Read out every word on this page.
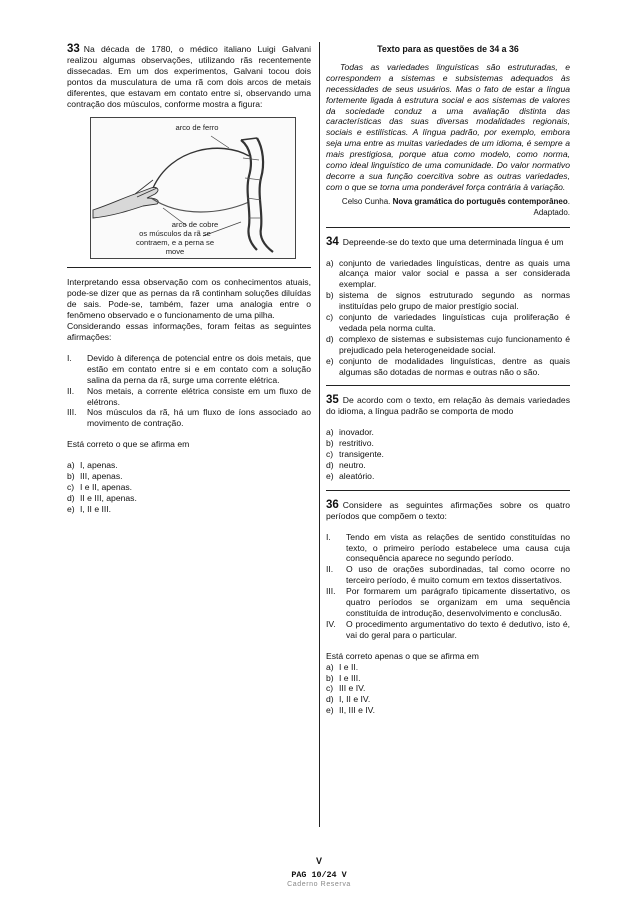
33 Na década de 1780, o médico italiano Luigi Galvani realizou algumas observações, utilizando rãs recentemente dissecadas. Em um dos experimentos, Galvani tocou dois pontos da musculatura de uma rã com dois arcos de metais diferentes, que estavam em contato entre si, observando uma contração dos músculos, conforme mostra a figura:

arco de ferro
arco de cobre
os músculos da rã se contraem, e a perna se move

Interpretando essa observação com os conhecimentos atuais, pode-se dizer que as pernas da rã continham soluções diluídas de sais. Pode-se, também, fazer uma analogia entre o fenômeno observado e o funcionamento de uma pilha.

Considerando essas informações, foram feitas as seguintes afirmações:

I.	Devido à diferença de potencial entre os dois metais, que estão em contato entre si e em contato com a solução salina da perna da rã, surge uma corrente elétrica.
II.	Nos metais, a corrente elétrica consiste em um fluxo de elétrons.
III.	Nos músculos da rã, há um fluxo de íons associado ao movimento de contração.

Está correto o que se afirma em

a) I, apenas.
b) III, apenas.
c) I e II, apenas.
d) II e III, apenas.
e) I, II e III.
Texto para as questões de 34 a 36

Todas as variedades linguísticas são estruturadas, e correspondem a sistemas e subsistemas adequados às necessidades de seus usuários. Mas o fato de estar a língua fortemente ligada à estrutura social e aos sistemas de valores da sociedade conduz a uma avaliação distinta das características das suas diversas modalidades regionais, sociais e estilísticas. A língua padrão, por exemplo, embora seja uma entre as muitas variedades de um idioma, é sempre a mais prestigiosa, porque atua como modelo, como norma, como ideal linguístico de uma comunidade. Do valor normativo decorre a sua função coercitiva sobre as outras variedades, com o que se torna uma ponderável força contrária à variação.

Celso Cunha. Nova gramática do português contemporâneo. Adaptado.

34 Depreende-se do texto que uma determinada língua é um

a) conjunto de variedades linguísticas, dentre as quais uma alcança maior valor social e passa a ser considerada exemplar.
b) sistema de signos estruturado segundo as normas instituídas pelo grupo de maior prestígio social.
c) conjunto de variedades linguísticas cuja proliferação é vedada pela norma culta.
d) complexo de sistemas e subsistemas cujo funcionamento é prejudicado pela heterogeneidade social.
e) conjunto de modalidades linguísticas, dentre as quais algumas são dotadas de normas e outras não o são.

35 De acordo com o texto, em relação às demais variedades do idioma, a língua padrão se comporta de modo

a) inovador.
b) restritivo.
c) transigente.
d) neutro.
e) aleatório.

36 Considere as seguintes afirmações sobre os quatro períodos que compõem o texto:

I.	Tendo em vista as relações de sentido constituídas no texto, o primeiro período estabelece uma causa cuja consequência aparece no segundo período.
II.	O uso de orações subordinadas, tal como ocorre no terceiro período, é muito comum em textos dissertativos.
III.	Por formarem um parágrafo tipicamente dissertativo, os quatro períodos se organizam em uma sequência constituída de introdução, desenvolvimento e conclusão.
IV.	O procedimento argumentativo do texto é dedutivo, isto é, vai do geral para o particular.

Está correto apenas o que se afirma em

a) I e II.
b) I e III.
c) III e IV.
d) I, II e IV.
e) II, III e IV.
V
PAG 10/24 V
Caderno Reserva
